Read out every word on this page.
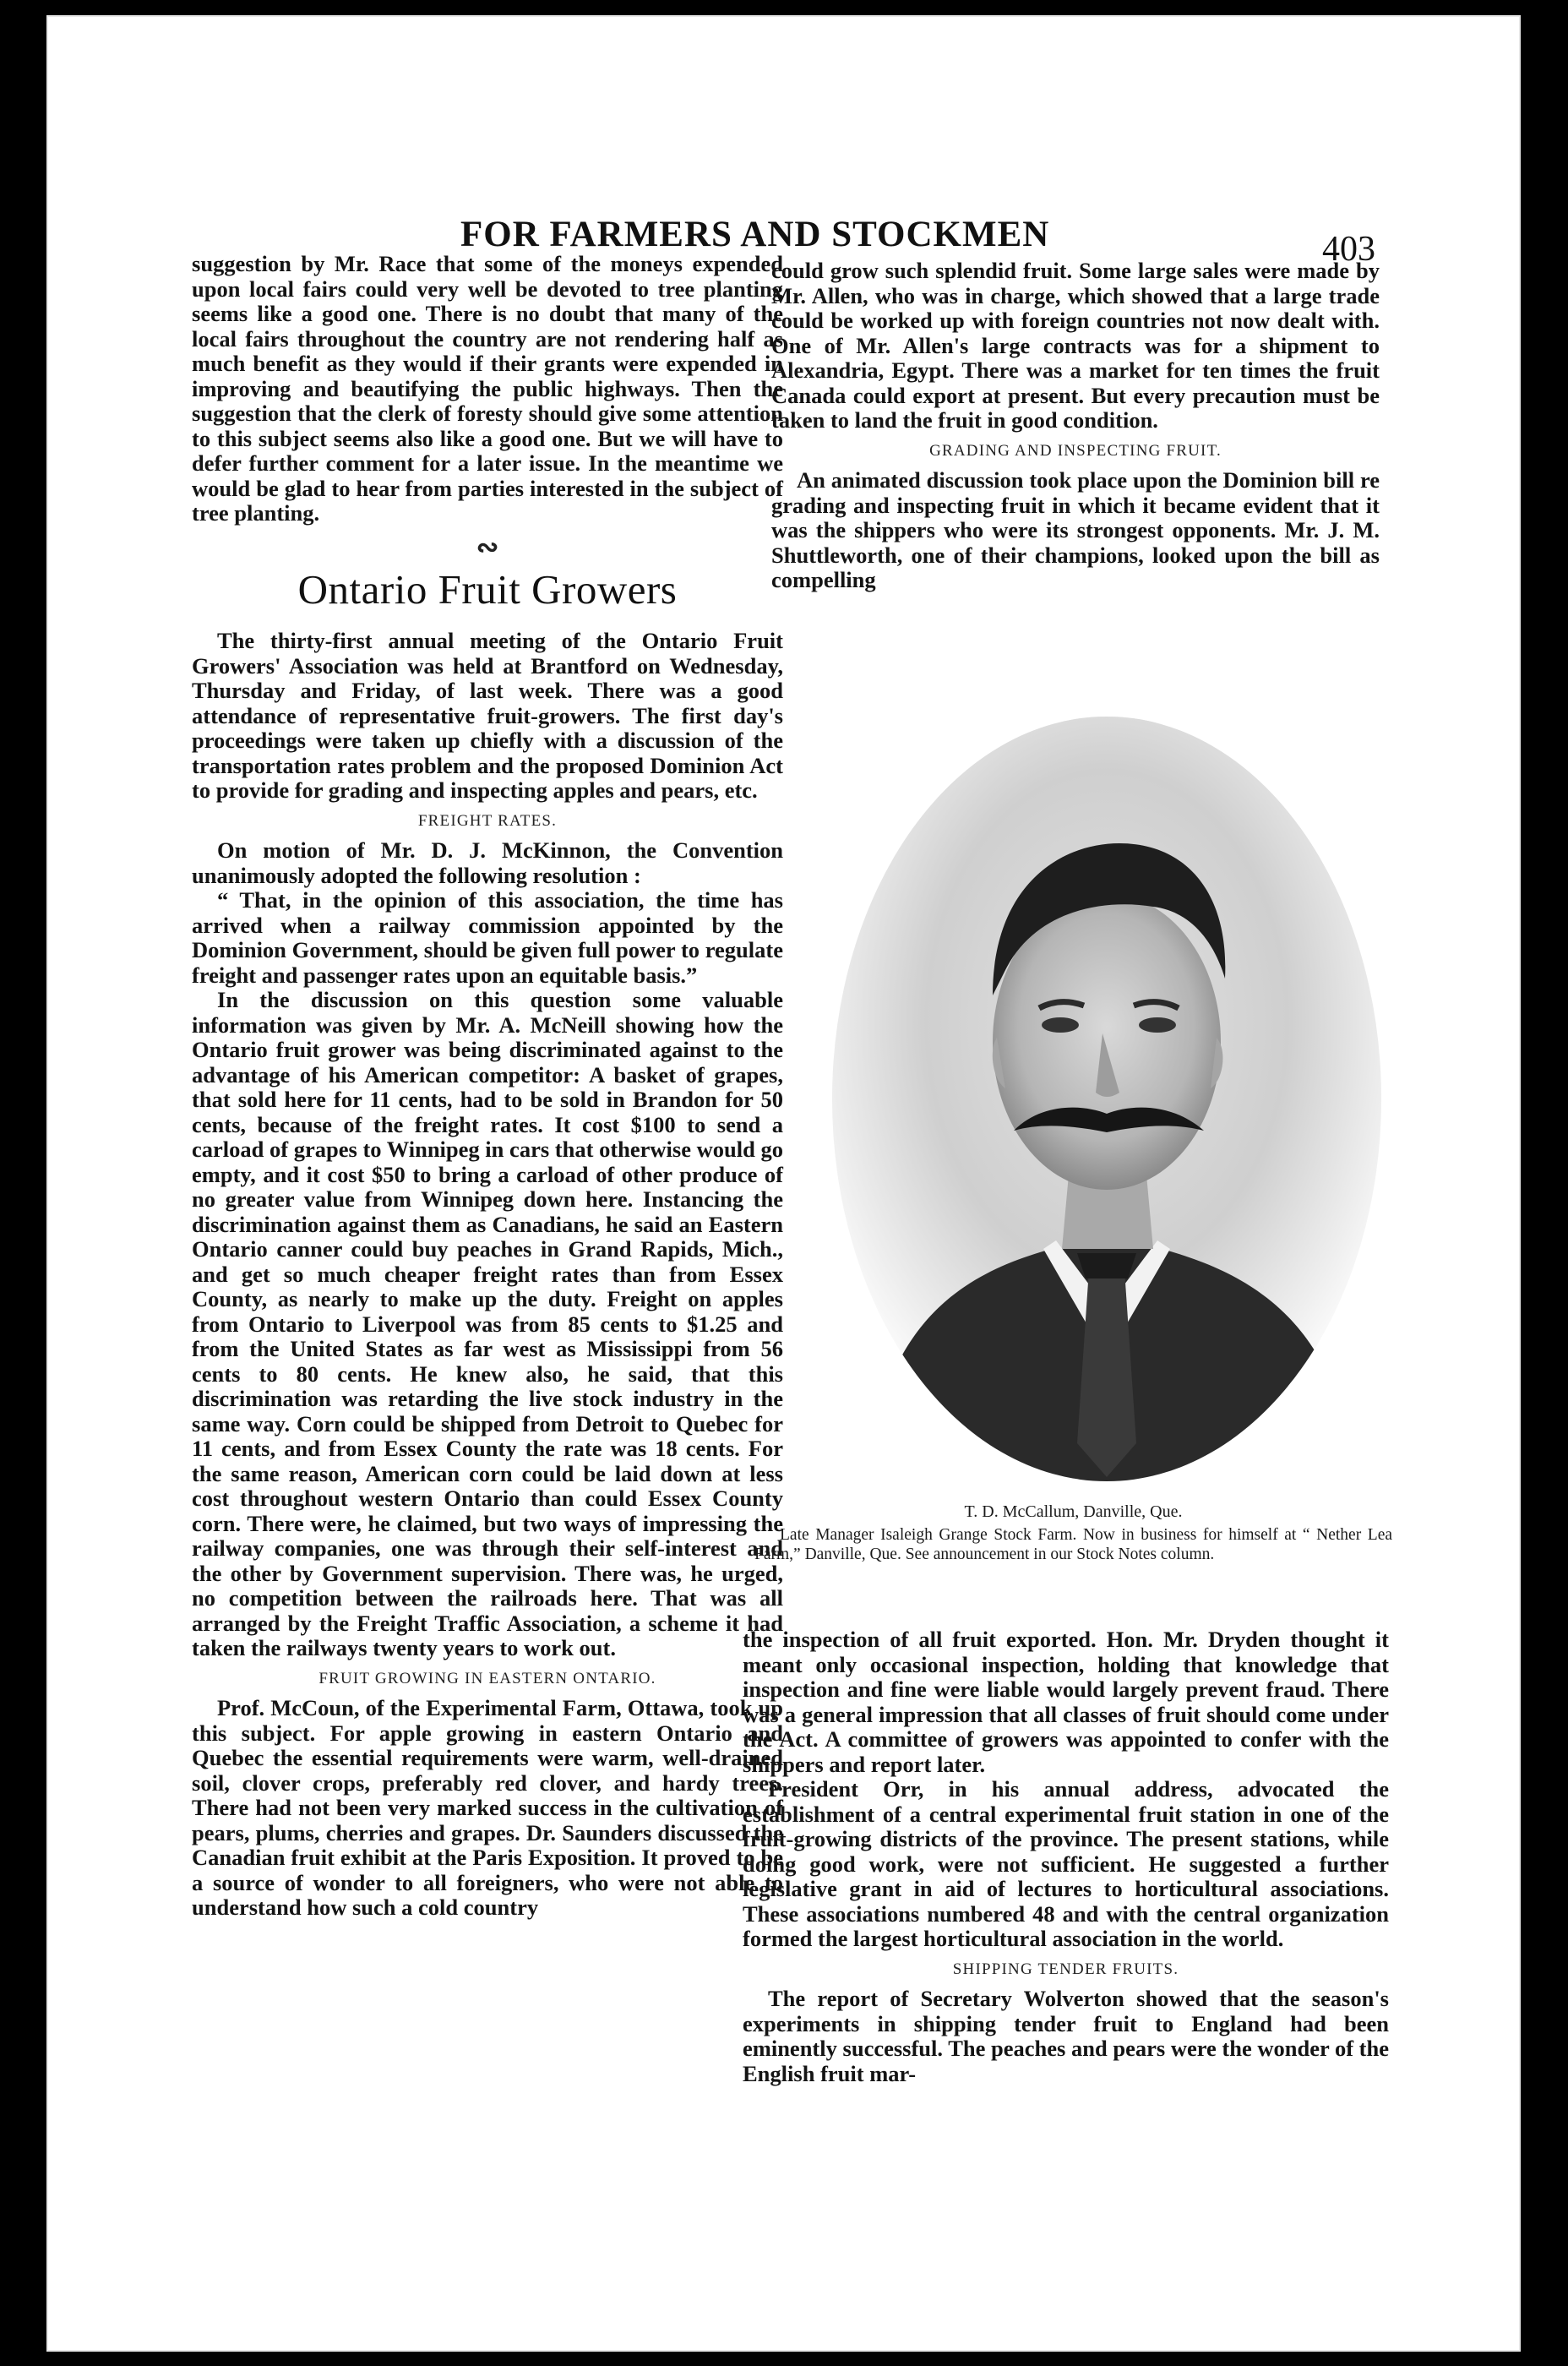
FOR FARMERS AND STOCKMEN	403

suggestion by Mr. Race that some of the moneys expended upon local fairs could very well be devoted to tree planting seems like a good one. There is no doubt that many of the local fairs throughout the country are not rendering half as much benefit as they would if their grants were expended in improving and beautifying the public highways. Then the suggestion that the clerk of foresty should give some attention to this subject seems also like a good one. But we will have to defer further comment for a later issue. In the meantime we would be glad to hear from parties interested in the subject of tree planting.

∾
Ontario Fruit Growers

The thirty-first annual meeting of the Ontario Fruit Growers' Association was held at Brantford on Wednesday, Thursday and Friday, of last week. There was a good attendance of representative fruit-growers. The first day's proceedings were taken up chiefly with a discussion of the transportation rates problem and the proposed Dominion Act to provide for grading and inspecting apples and pears, etc.

FREIGHT RATES.

On motion of Mr. D. J. McKinnon, the Convention unanimously adopted the following resolution :

“ That, in the opinion of this association, the time has arrived when a railway commission appointed by the Dominion Government, should be given full power to regulate freight and passenger rates upon an equitable basis.”

In the discussion on this question some valuable information was given by Mr. A. McNeill showing how the Ontario fruit grower was being discriminated against to the advantage of his American competitor: A basket of grapes, that sold here for 11 cents, had to be sold in Brandon for 50 cents, because of the freight rates. It cost $100 to send a carload of grapes to Winnipeg in cars that otherwise would go empty, and it cost $50 to bring a carload of other produce of no greater value from Winnipeg down here. Instancing the discrimination against them as Canadians, he said an Eastern Ontario canner could buy peaches in Grand Rapids, Mich., and get so much cheaper freight rates than from Essex County, as nearly to make up the duty. Freight on apples from Ontario to Liverpool was from 85 cents to $1.25 and from the United States as far west as Mississippi from 56 cents to 80 cents. He knew also, he said, that this discrimination was retarding the live stock industry in the same way. Corn could be shipped from Detroit to Quebec for 11 cents, and from Essex County the rate was 18 cents. For the same reason, American corn could be laid down at less cost throughout western Ontario than could Essex County corn. There were, he claimed, but two ways of impressing the railway companies, one was through their self-interest and the other by Government supervision. There was, he urged, no competition between the railroads here. That was all arranged by the Freight Traffic Association, a scheme it had taken the railways twenty years to work out.

FRUIT GROWING IN EASTERN ONTARIO.

Prof. McCoun, of the Experimental Farm, Ottawa, took up this subject. For apple growing in eastern Ontario and Quebec the essential requirements were warm, well-drained soil, clover crops, preferably red clover, and hardy trees. There had not been very marked success in the cultivation of pears, plums, cherries and grapes. Dr. Saunders discussed the Canadian fruit exhibit at the Paris Exposition. It proved to be a source of wonder to all foreigners, who were not able to understand how such a cold country

could grow such splendid fruit. Some large sales were made by Mr. Allen, who was in charge, which showed that a large trade could be worked up with foreign countries not now dealt with. One of Mr. Allen's large contracts was for a shipment to Alexandria, Egypt. There was a market for ten times the fruit Canada could export at present. But every precaution must be taken to land the fruit in good condition.

GRADING AND INSPECTING FRUIT.

An animated discussion took place upon the Dominion bill re grading and inspecting fruit in which it became evident that it was the shippers who were its strongest opponents. Mr. J. M. Shuttleworth, one of their champions, looked upon the bill as compelling

T. D. McCallum, Danville, Que.
Late Manager Isaleigh Grange Stock Farm. Now in business for himself at “ Nether Lea Farm,” Danville, Que. See announcement in our Stock Notes column.

the inspection of all fruit exported. Hon. Mr. Dryden thought it meant only occasional inspection, holding that knowledge that inspection and fine were liable would largely prevent fraud. There was a general impression that all classes of fruit should come under the Act. A committee of growers was appointed to confer with the shippers and report later.

President Orr, in his annual address, advocated the establishment of a central experimental fruit station in one of the fruit-growing districts of the province. The present stations, while doing good work, were not sufficient. He suggested a further legislative grant in aid of lectures to horticultural associations. These associations numbered 48 and with the central organization formed the largest horticultural association in the world.

SHIPPING TENDER FRUITS.

The report of Secretary Wolverton showed that the season's experiments in shipping tender fruit to England had been eminently successful. The peaches and pears were the wonder of the English fruit mar-
